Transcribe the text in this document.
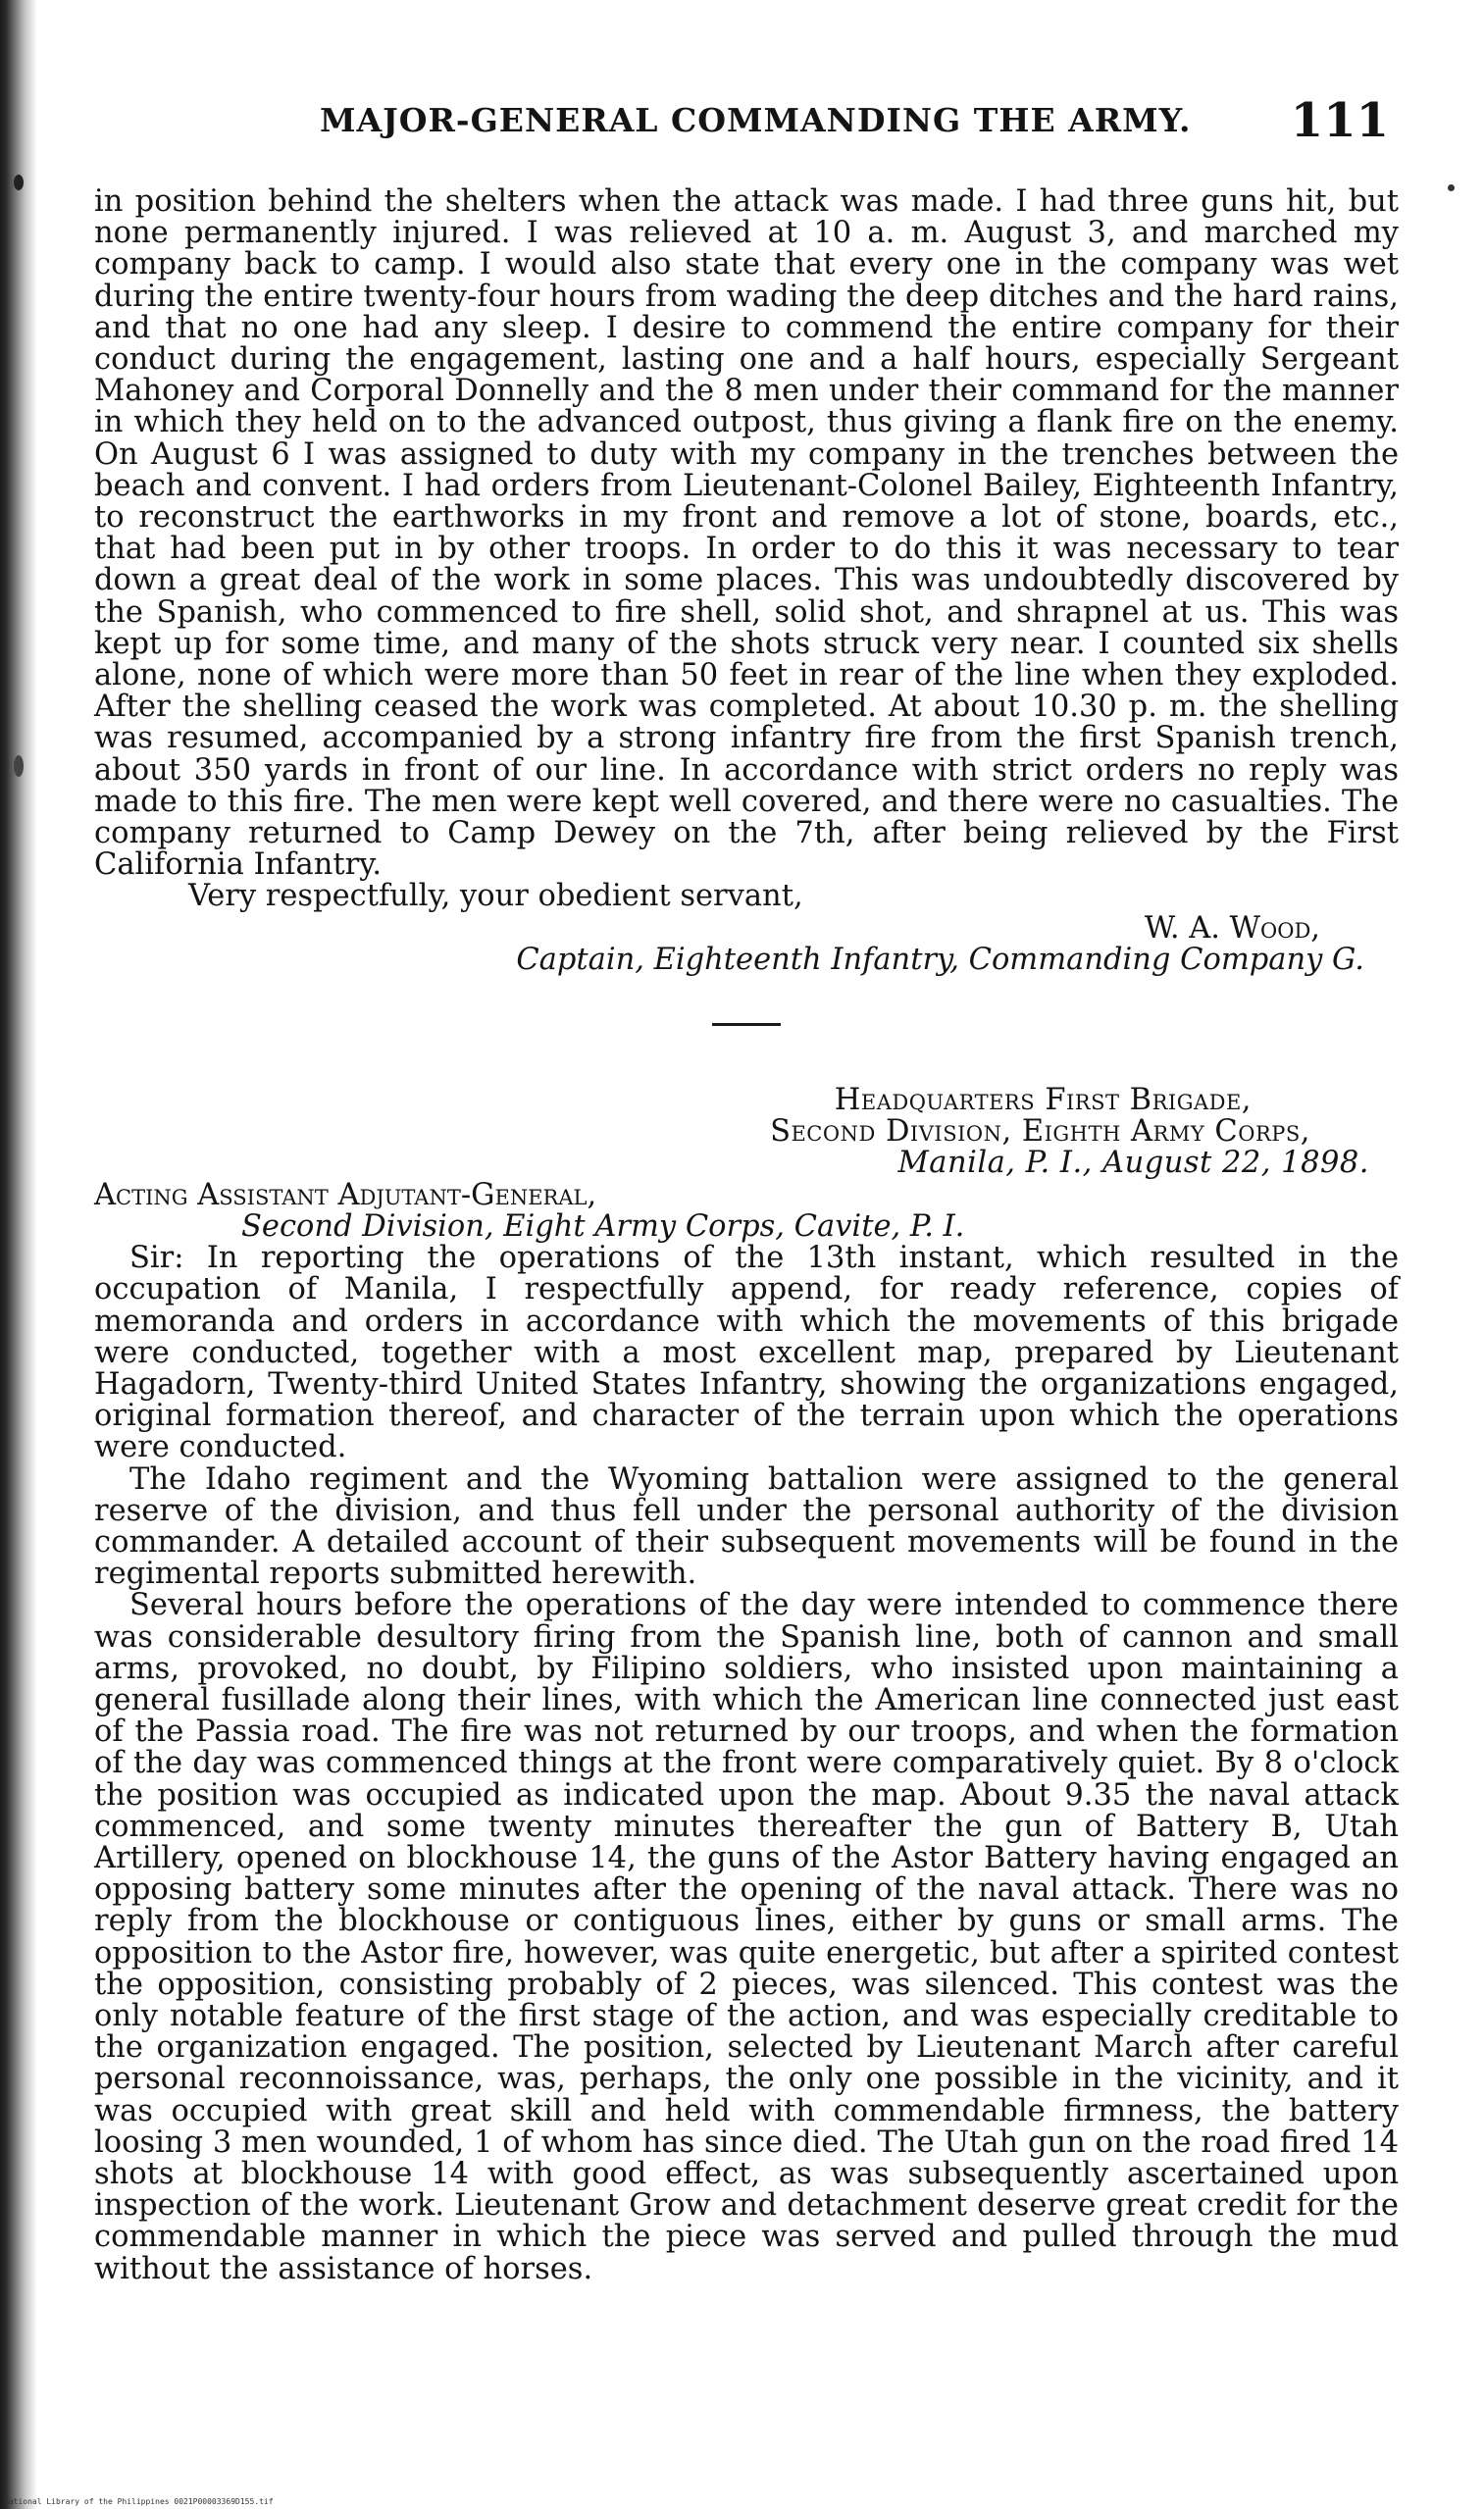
MAJOR-GENERAL COMMANDING THE ARMY. 111

in position behind the shelters when the attack was made. I had three guns hit, but none permanently injured. I was relieved at 10 a. m. August 3, and marched my company back to camp. I would also state that every one in the company was wet during the entire twenty-four hours from wading the deep ditches and the hard rains, and that no one had any sleep. I desire to commend the entire company for their conduct during the engagement, lasting one and a half hours, especially Sergeant Mahoney and Corporal Donnelly and the 8 men under their command for the manner in which they held on to the advanced outpost, thus giving a flank fire on the enemy. On August 6 I was assigned to duty with my company in the trenches between the beach and convent. I had orders from Lieutenant-Colonel Bailey, Eighteenth Infantry, to reconstruct the earthworks in my front and remove a lot of stone, boards, etc., that had been put in by other troops. In order to do this it was necessary to tear down a great deal of the work in some places. This was undoubtedly discovered by the Spanish, who commenced to fire shell, solid shot, and shrapnel at us. This was kept up for some time, and many of the shots struck very near. I counted six shells alone, none of which were more than 50 feet in rear of the line when they exploded. After the shelling ceased the work was completed. At about 10.30 p. m. the shelling was resumed, accompanied by a strong infantry fire from the first Spanish trench, about 350 yards in front of our line. In accordance with strict orders no reply was made to this fire. The men were kept well covered, and there were no casualties. The company returned to Camp Dewey on the 7th, after being relieved by the First California Infantry.

Very respectfully, your obedient servant,

W. A. Wood,

Captain, Eighteenth Infantry, Commanding Company G.

Headquarters First Brigade,

Second Division, Eighth Army Corps,

Manila, P. I., August 22, 1898.

Acting Assistant Adjutant-General,

Second Division, Eight Army Corps, Cavite, P. I.

Sir: In reporting the operations of the 13th instant, which resulted in the occupation of Manila, I respectfully append, for ready reference, copies of memoranda and orders in accordance with which the movements of this brigade were conducted, together with a most excellent map, prepared by Lieutenant Hagadorn, Twenty-third United States Infantry, showing the organizations engaged, original formation thereof, and character of the terrain upon which the operations were conducted.

The Idaho regiment and the Wyoming battalion were assigned to the general reserve of the division, and thus fell under the personal authority of the division commander. A detailed account of their subsequent movements will be found in the regimental reports submitted herewith.

Several hours before the operations of the day were intended to commence there was considerable desultory firing from the Spanish line, both of cannon and small arms, provoked, no doubt, by Filipino soldiers, who insisted upon maintaining a general fusillade along their lines, with which the American line connected just east of the Passia road. The fire was not returned by our troops, and when the formation of the day was commenced things at the front were comparatively quiet. By 8 o'clock the position was occupied as indicated upon the map. About 9.35 the naval attack commenced, and some twenty minutes thereafter the gun of Battery B, Utah Artillery, opened on blockhouse 14, the guns of the Astor Battery having engaged an opposing battery some minutes after the opening of the naval attack. There was no reply from the blockhouse or contiguous lines, either by guns or small arms. The opposition to the Astor fire, however, was quite energetic, but after a spirited contest the opposition, consisting probably of 2 pieces, was silenced. This contest was the only notable feature of the first stage of the action, and was especially creditable to the organization engaged. The position, selected by Lieutenant March after careful personal reconnoissance, was, perhaps, the only one possible in the vicinity, and it was occupied with great skill and held with commendable firmness, the battery loosing 3 men wounded, 1 of whom has since died. The Utah gun on the road fired 14 shots at blockhouse 14 with good effect, as was subsequently ascertained upon inspection of the work. Lieutenant Grow and detachment deserve great credit for the commendable manner in which the piece was served and pulled through the mud without the assistance of horses.

National Library of the Philippines 0021P00003369D155.tif
